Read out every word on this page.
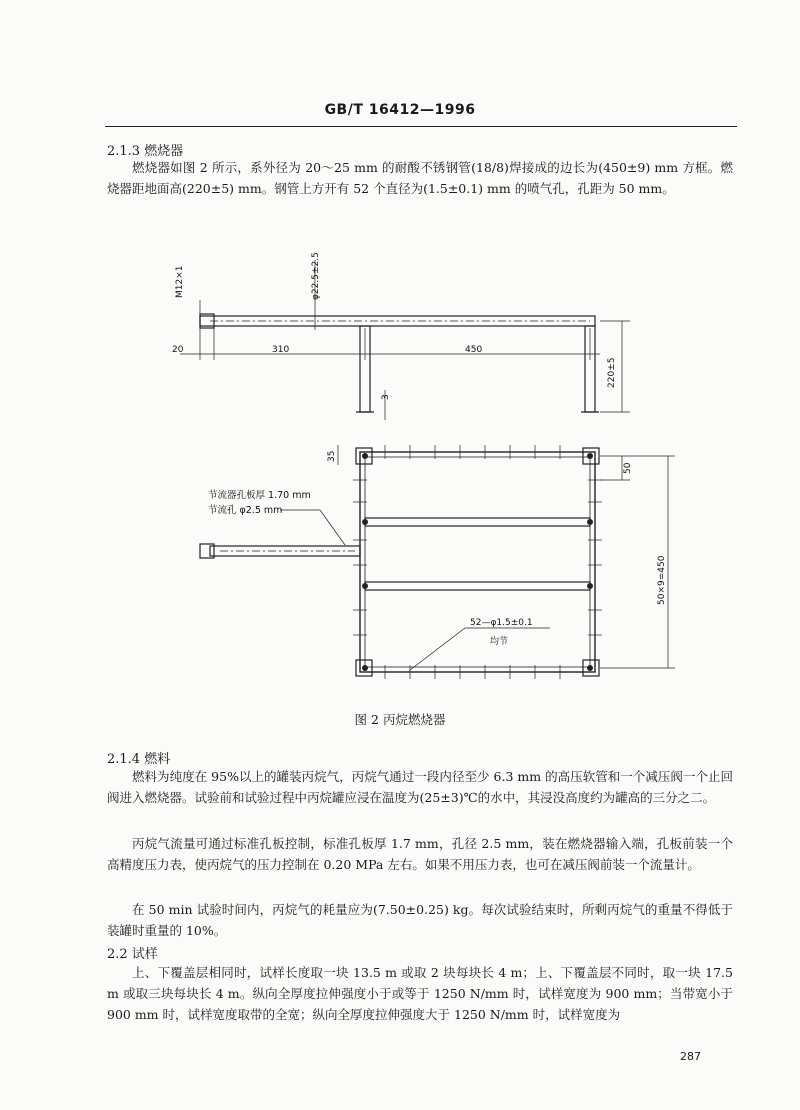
GB/T 16412—1996
2.1.3 燃烧器

燃烧器如图 2 所示，系外径为 20～25 mm 的耐酸不锈钢管(18/8)焊接成的边长为(450±9) mm 方框。燃烧器距地面高(220±5) mm。钢管上方开有 52 个直径为(1.5±0.1) mm 的喷气孔，孔距为 50 mm。

M12×1	φ22.5±2.5
20	310	450
220±5
3
35
50
50×9=450
节流器孔板厚 1.70 mm
节流孔 φ2.5 mm
52—φ1.5±0.1
均节
图 2 丙烷燃烧器
2.1.4 燃料

燃料为纯度在 95%以上的罐装丙烷气，丙烷气通过一段内径至少 6.3 mm 的高压软管和一个减压阀一个止回阀进入燃烧器。试验前和试验过程中丙烷罐应浸在温度为(25±3)℃的水中，其浸没高度约为罐高的三分之二。

丙烷气流量可通过标准孔板控制，标准孔板厚 1.7 mm，孔径 2.5 mm，装在燃烧器输入端，孔板前装一个高精度压力表，使丙烷气的压力控制在 0.20 MPa 左右。如果不用压力表，也可在减压阀前装一个流量计。

在 50 min 试验时间内，丙烷气的耗量应为(7.50±0.25) kg。每次试验结束时，所剩丙烷气的重量不得低于装罐时重量的 10%。

2.2 试样

上、下覆盖层相同时，试样长度取一块 13.5 m 或取 2 块每块长 4 m；上、下覆盖层不同时，取一块 17.5 m 或取三块每块长 4 m。纵向全厚度拉伸强度小于或等于 1250 N/mm 时，试样宽度为 900 mm；当带宽小于 900 mm 时，试样宽度取带的全宽；纵向全厚度拉伸强度大于 1250 N/mm 时，试样宽度为

287
